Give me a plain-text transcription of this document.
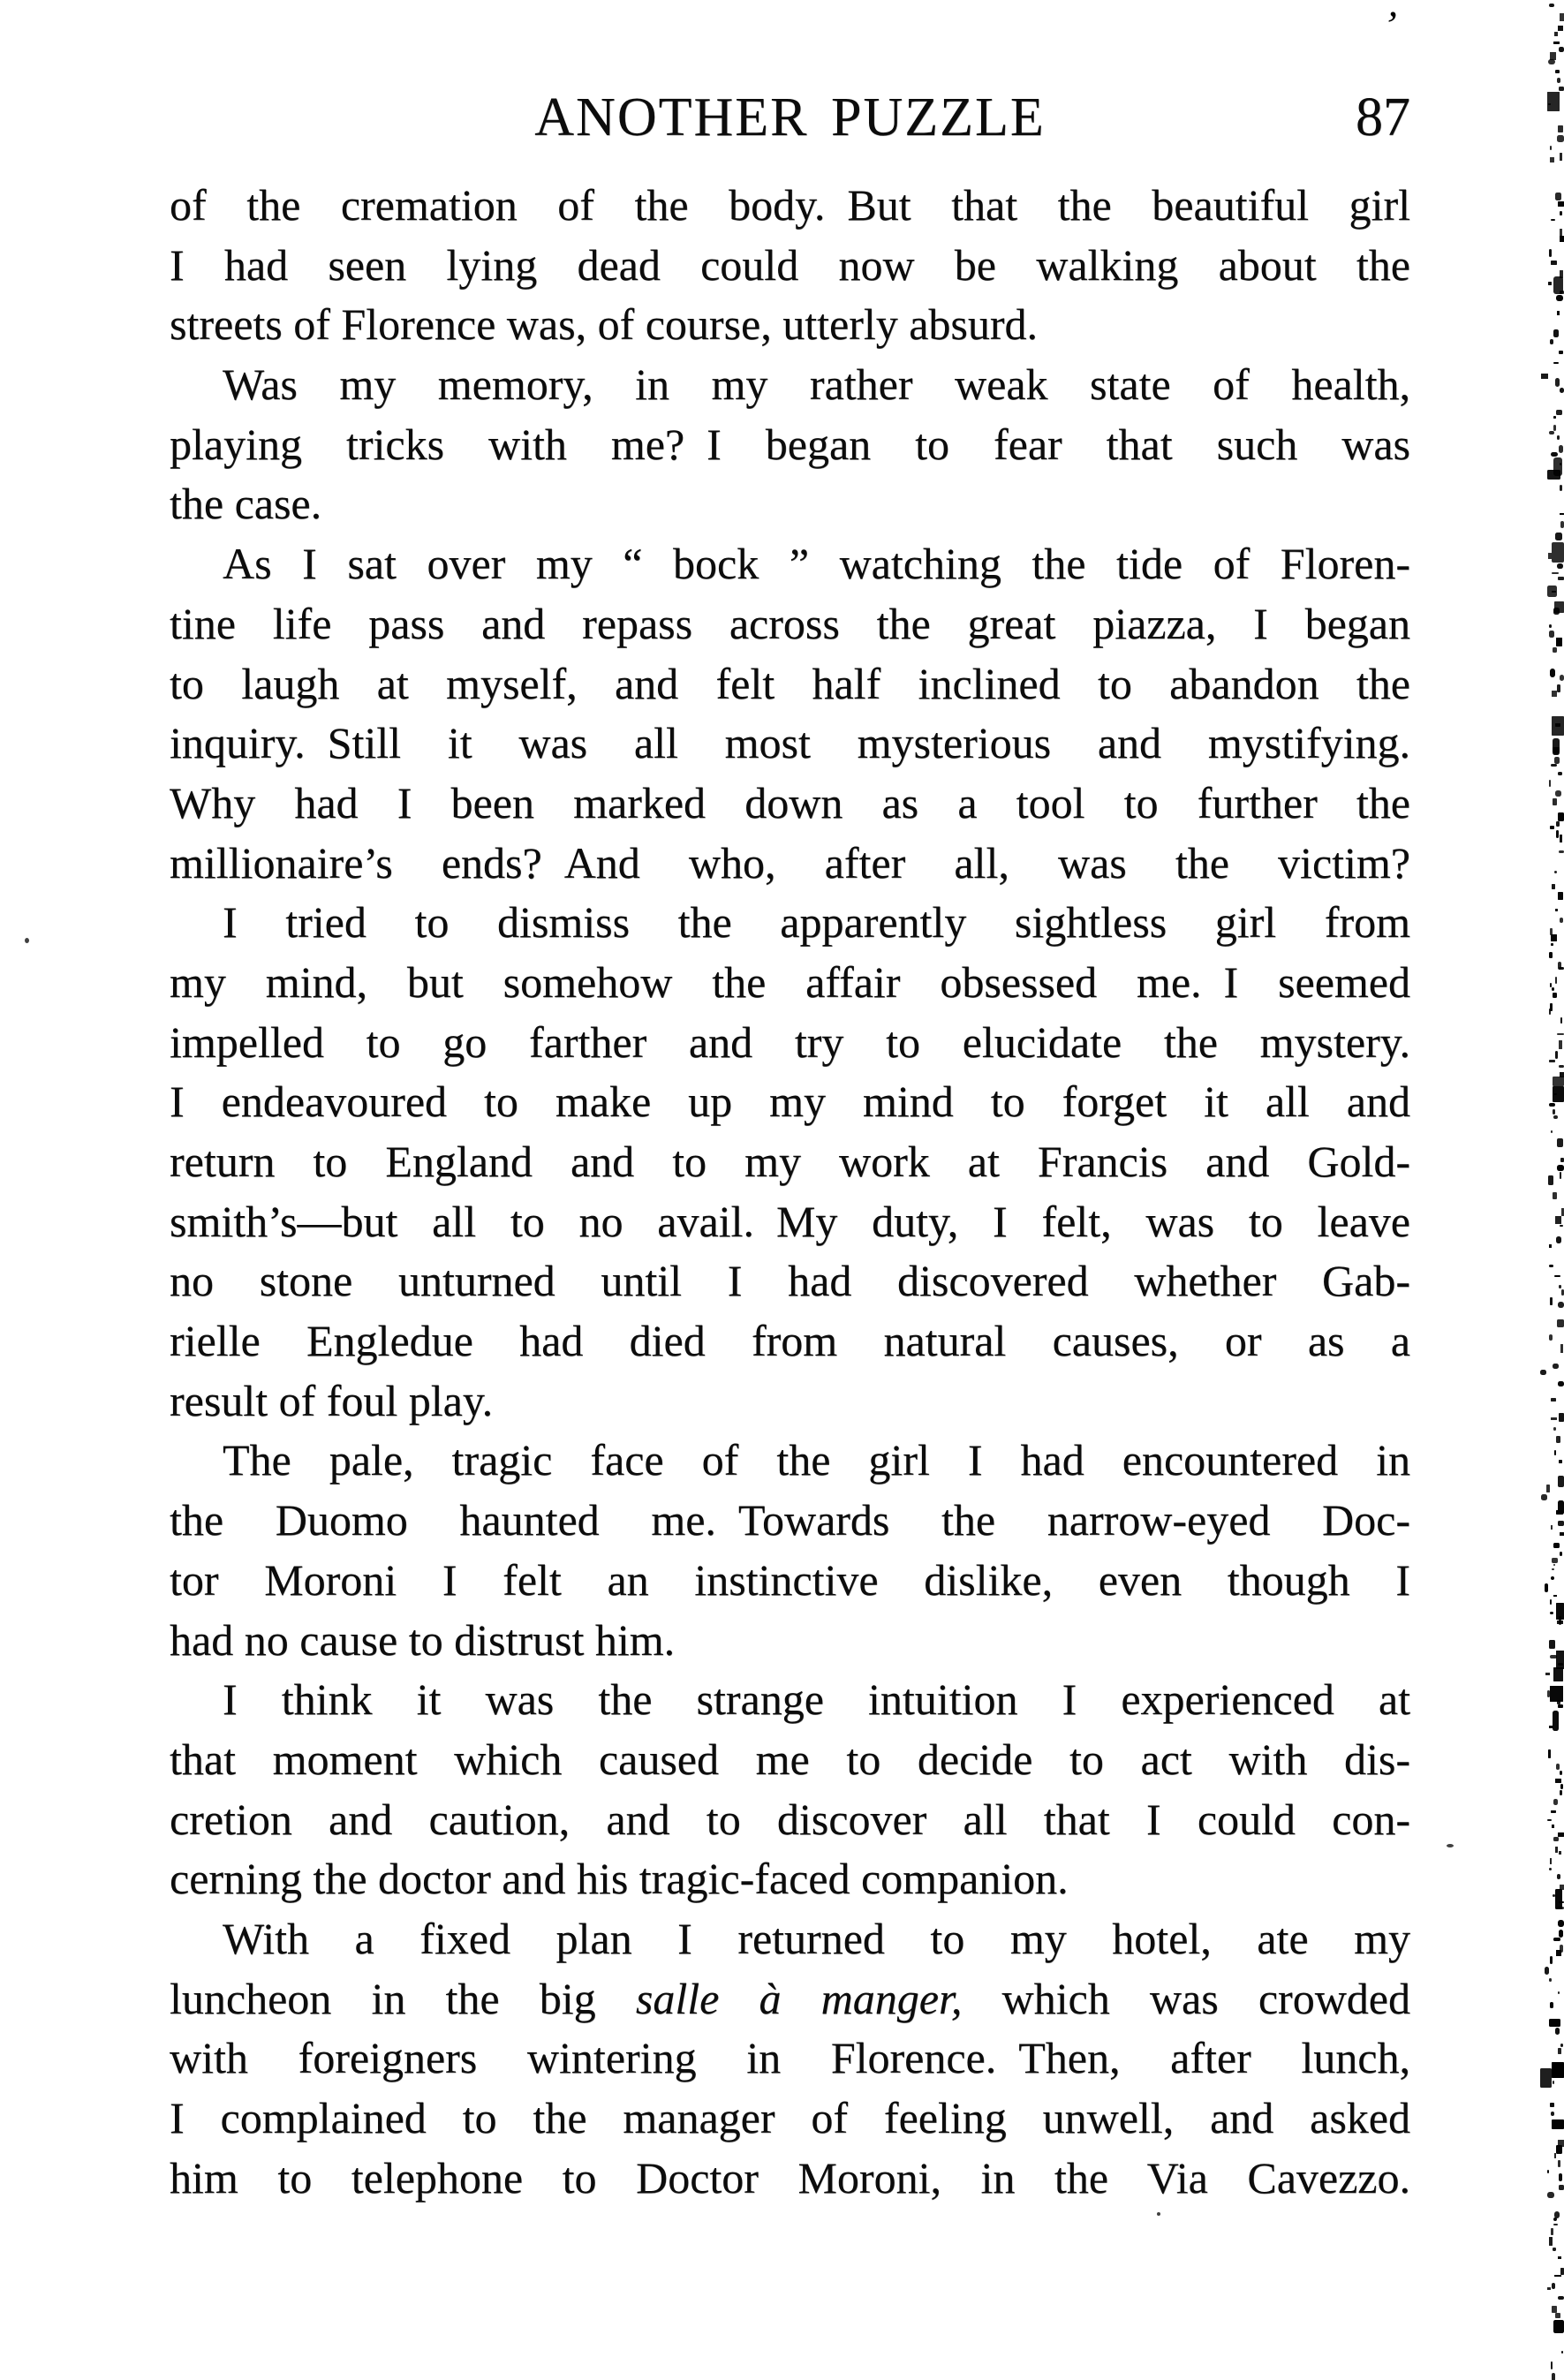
ANOTHER PUZZLE	87
of the cremation of the body. But that the beautiful girl
I had seen lying dead could now be walking about the
streets of Florence was, of course, utterly absurd.
Was my memory, in my rather weak state of health,
playing tricks with me? I began to fear that such was
the case.
As I sat over my “ bock ” watching the tide of Floren-
tine life pass and repass across the great piazza, I began
to laugh at myself, and felt half inclined to abandon the
inquiry. Still it was all most mysterious and mystifying.
Why had I been marked down as a tool to further the
millionaire’s ends? And who, after all, was the victim?
I tried to dismiss the apparently sightless girl from
my mind, but somehow the affair obsessed me. I seemed
impelled to go farther and try to elucidate the mystery.
I endeavoured to make up my mind to forget it all and
return to England and to my work at Francis and Gold-
smith’s—but all to no avail. My duty, I felt, was to leave
no stone unturned until I had discovered whether Gab-
rielle Engledue had died from natural causes, or as a
result of foul play.
The pale, tragic face of the girl I had encountered in
the Duomo haunted me. Towards the narrow-eyed Doc-
tor Moroni I felt an instinctive dislike, even though I
had no cause to distrust him.
I think it was the strange intuition I experienced at
that moment which caused me to decide to act with dis-
cretion and caution, and to discover all that I could con-
cerning the doctor and his tragic-faced companion.
With a fixed plan I returned to my hotel, ate my
luncheon in the big salle à manger, which was crowded
with foreigners wintering in Florence. Then, after lunch,
I complained to the manager of feeling unwell, and asked
him to telephone to Doctor Moroni, in the Via Cavezzo.
’
